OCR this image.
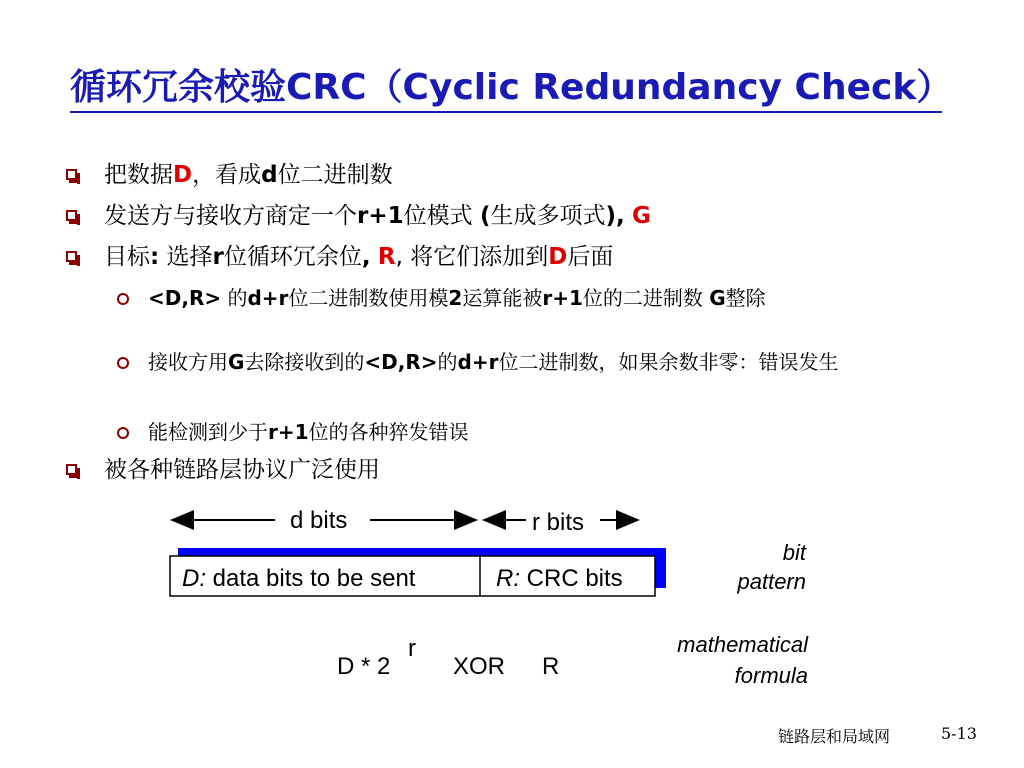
循环冗余校验CRC（Cyclic Redundancy Check）
把数据D，看成d位二进制数
发送方与接收方商定一个r+1位模式 (生成多项式), G
目标: 选择r位循环冗余位, R, 将它们添加到D后面
<D,R> 的d+r位二进制数使用模2运算能被r+1位的二进制数 G整除
接收方用G去除接收到的<D,R>的d+r位二进制数，如果余数非零：错误发生
能检测到少于r+1位的各种猝发错误
被各种链路层协议广泛使用
d bits	r bits
D: data bits to be sent	R: CRC bits
bit
pattern
D * 2
r
XOR R
mathematical
formula
链路层和局域网	5-13
